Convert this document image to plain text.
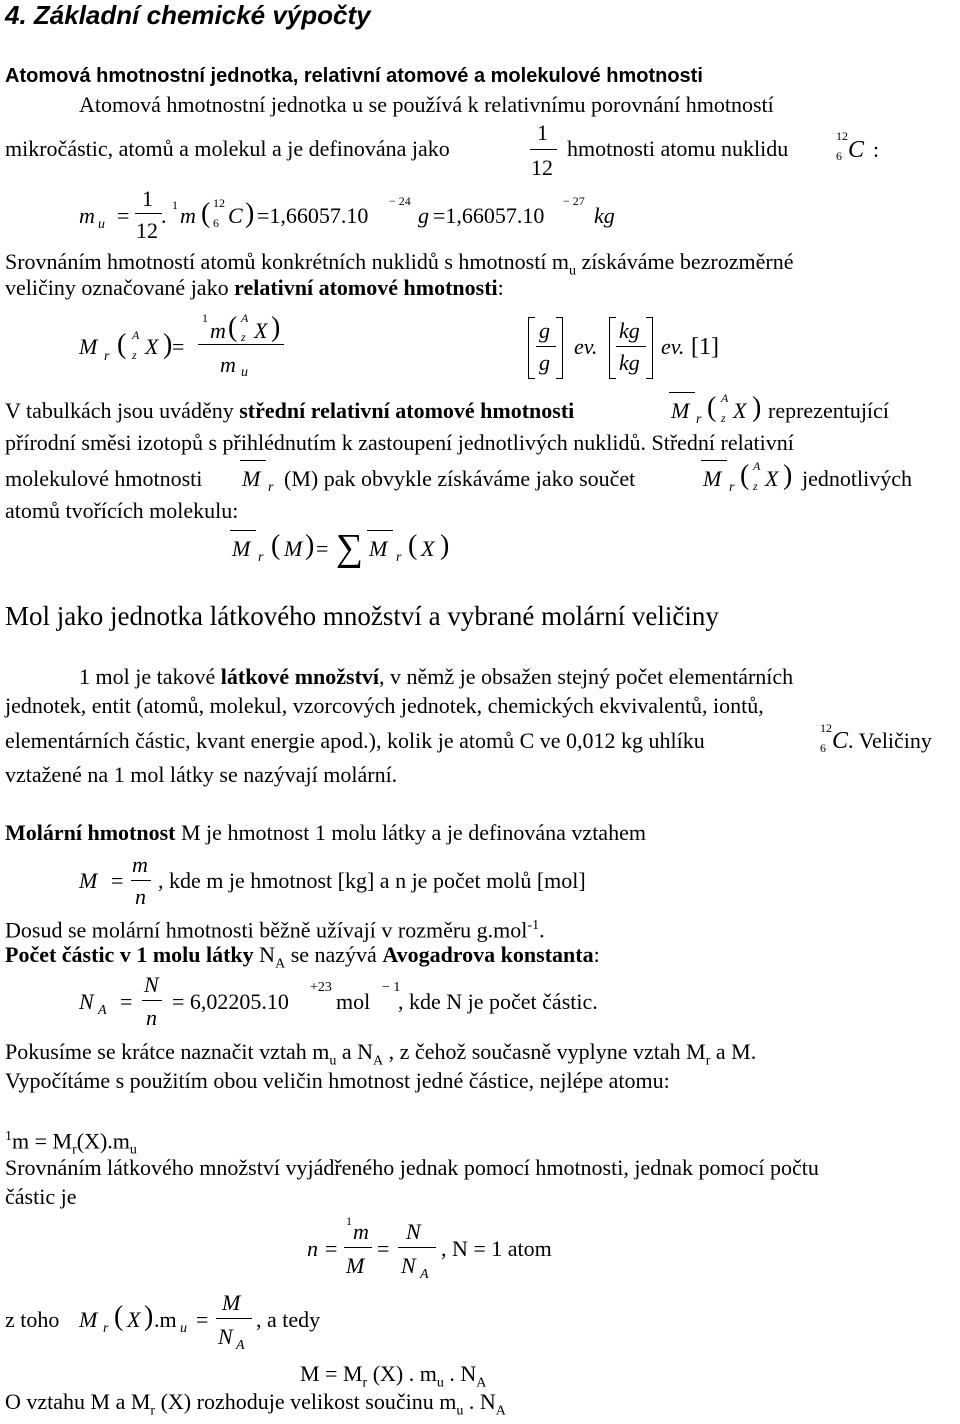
4. Základní chemické výpočty
Atomová hmotnostní jednotka, relativní atomové a molekulové hmotnosti
Atomová hmotnostní jednotka u se používá k relativnímu porovnání hmotností
mikročástic, atomů a molekul a je definována jako
1
12
hmotnosti atomu nuklidu	12
6 C :
m u =
1
12
. 1 m ( 12
6 C ) =1,66057.10
− 24
g =1,66057.10
− 27
kg
Srovnáním hmotností atomů konkrétních nuklidů s hmotností $m_u$ získáváme bezrozměrné
veličiny označované jako relativní atomové hmotnosti:
M r ( A
z X ) =
1 m ( A
z X )
m u
g
g
ev.
kg
kg
ev. [1]
V tabulkách jsou uváděny střední relativní atomové hmotnosti	M r ( A
z X ) reprezentující
přírodní směsi izotopů s přihlédnutím k zastoupení jednotlivých nuklidů. Střední relativní
molekulové hmotnosti M r (M) pak obvykle získáváme jako součet	M r ( A
z X ) jednotlivých
atomů tvořících molekulu:
M r ( M ) = ∑ M r ( X )
Mol jako jednotka látkového množství a vybrané molární veličiny
1 mol je takové látkové množství, v němž je obsažen stejný počet elementárních
jednotek, entit (atomů, molekul, vzorcových jednotek, chemických ekvivalentů, iontů,
elementárních částic, kvant energie apod.), kolik je atomů C ve 0,012 kg uhlíku	12
6 C . Veličiny
vztažené na 1 mol látky se nazývají molární.
Molární hmotnost M je hmotnost 1 molu látky a je definována vztahem
M =
m
n
, kde m je hmotnost [kg] a n je počet molů [mol]
Dosud se molární hmotnosti běžně užívají v rozměru g.mol$^{-1}$.
Počet částic v 1 molu látky $N_A$ se nazývá Avogadrova konstanta:
N A =
N
n
= 6,02205.10
+23
mol
− 1
, kde N je počet částic.
Pokusíme se krátce naznačit vztah $m_u$ a $N_A$ , z čehož současně vyplyne vztah $M_r$ a M.
Vypočítáme s použitím obou veličin hmotnost jedné částice, nejlépe atomu:
$^1m = M_r(X).m_u$
Srovnáním látkového množství vyjádřeného jednak pomocí hmotnosti, jednak pomocí počtu
částic je
n =
1 m
M
=
N
N A
, N = 1 atom
z toho M r ( X ) .m u =
M
N A
, a tedy
$M = M_r$ (X) . $m_u$ . $N_A$
O vztahu M a $M_r$ (X) rozhoduje velikost součinu $m_u$ . $N_A$
